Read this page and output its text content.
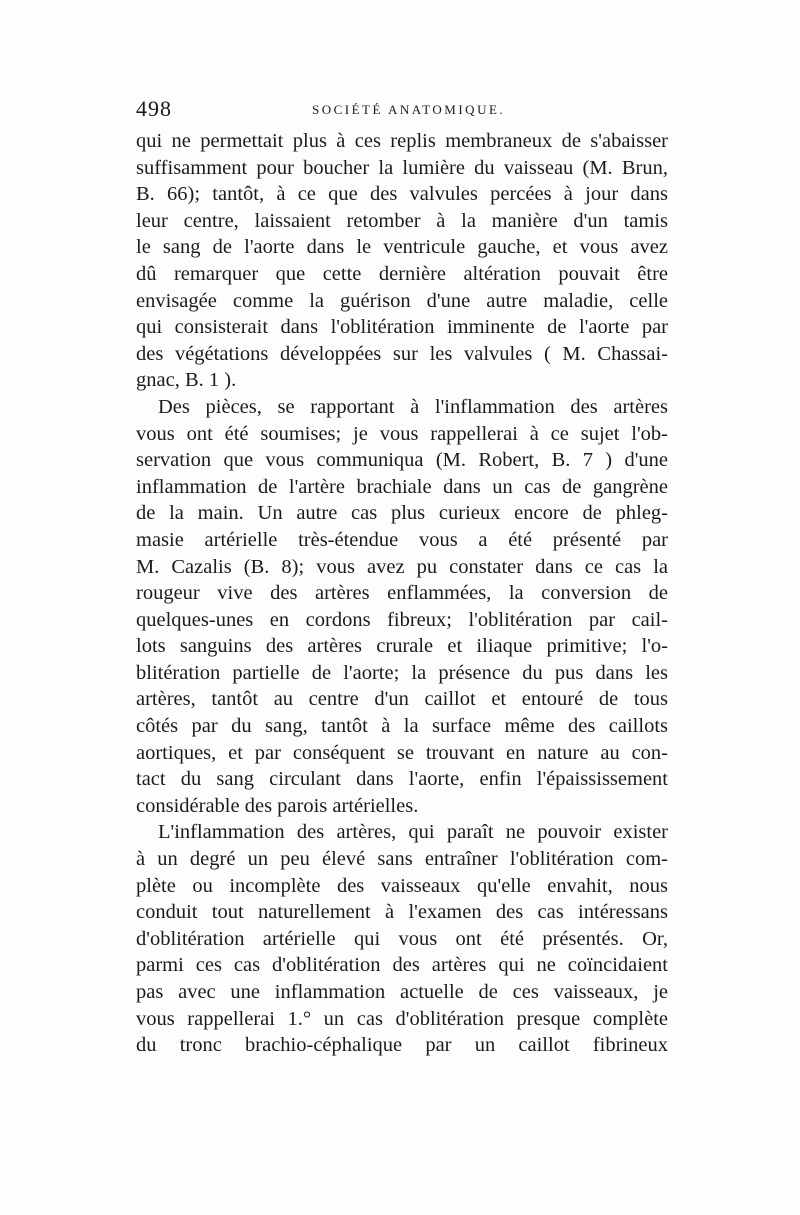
498	SOCIÉTÉ ANATOMIQUE.
qui ne permettait plus à ces replis membraneux de s'abaisser
suffisamment pour boucher la lumière du vaisseau (M. Brun,
B. 66); tantôt, à ce que des valvules percées à jour dans
leur centre, laissaient retomber à la manière d'un tamis
le sang de l'aorte dans le ventricule gauche, et vous avez
dû remarquer que cette dernière altération pouvait être
envisagée comme la guérison d'une autre maladie, celle
qui consisterait dans l'oblitération imminente de l'aorte par
des végétations développées sur les valvules ( M. Chassai-
gnac, B. 1 ).
Des pièces, se rapportant à l'inflammation des artères
vous ont été soumises; je vous rappellerai à ce sujet l'ob-
servation que vous communiqua (M. Robert, B. 7 ) d'une
inflammation de l'artère brachiale dans un cas de gangrène
de la main. Un autre cas plus curieux encore de phleg-
masie artérielle très-étendue vous a été présenté par
M. Cazalis (B. 8); vous avez pu constater dans ce cas la
rougeur vive des artères enflammées, la conversion de
quelques-unes en cordons fibreux; l'oblitération par cail-
lots sanguins des artères crurale et iliaque primitive; l'o-
blitération partielle de l'aorte; la présence du pus dans les
artères, tantôt au centre d'un caillot et entouré de tous
côtés par du sang, tantôt à la surface même des caillots
aortiques, et par conséquent se trouvant en nature au con-
tact du sang circulant dans l'aorte, enfin l'épaississement
considérable des parois artérielles.
L'inflammation des artères, qui paraît ne pouvoir exister
à un degré un peu élevé sans entraîner l'oblitération com-
plète ou incomplète des vaisseaux qu'elle envahit, nous
conduit tout naturellement à l'examen des cas intéressans
d'oblitération artérielle qui vous ont été présentés. Or,
parmi ces cas d'oblitération des artères qui ne coïncidaient
pas avec une inflammation actuelle de ces vaisseaux, je
vous rappellerai 1.° un cas d'oblitération presque complète
du tronc brachio-céphalique par un caillot fibrineux
